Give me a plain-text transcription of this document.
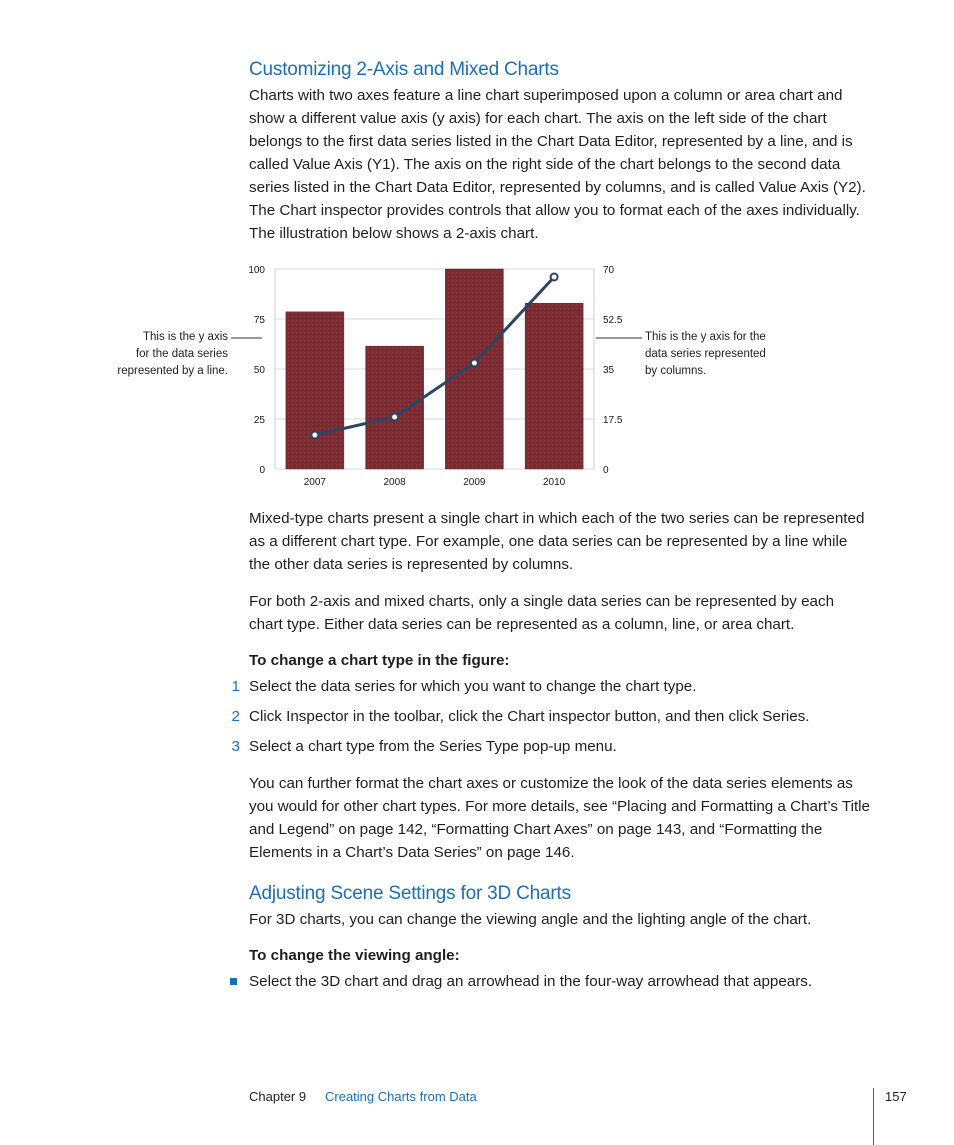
Customizing 2-Axis and Mixed Charts

Charts with two axes feature a line chart superimposed upon a column or area chart and show a different value axis (y axis) for each chart. The axis on the left side of the chart belongs to the first data series listed in the Chart Data Editor, represented by a line, and is called Value Axis (Y1). The axis on the right side of the chart belongs to the second data series listed in the Chart Data Editor, represented by columns, and is called Value Axis (Y2). The Chart inspector provides controls that allow you to format each of the axes individually. The illustration below shows a 2-axis chart.

2007	2008	2009	2010
0
25
50
75
100
0
17.5
35
52.5
70
This is the y axis
for the data series
represented by a line.
This is the y axis for the
data series represented
by columns.

Mixed-type charts present a single chart in which each of the two series can be represented as a different chart type. For example, one data series can be represented by a line while the other data series is represented by columns.

For both 2-axis and mixed charts, only a single data series can be represented by each chart type. Either data series can be represented as a column, line, or area chart.

To change a chart type in the figure:

1 Select the data series for which you want to change the chart type.

2 Click Inspector in the toolbar, click the Chart inspector button, and then click Series.

3 Select a chart type from the Series Type pop-up menu.

You can further format the chart axes or customize the look of the data series elements as you would for other chart types. For more details, see “Placing and Formatting a Chart’s Title and Legend” on page 142, “Formatting Chart Axes” on page 143, and “Formatting the Elements in a Chart’s Data Series” on page 146.

Adjusting Scene Settings for 3D Charts

For 3D charts, you can change the viewing angle and the lighting angle of the chart.

To change the viewing angle:

Select the 3D chart and drag an arrowhead in the four-way arrowhead that appears.

Chapter 9 Creating Charts from Data	157
